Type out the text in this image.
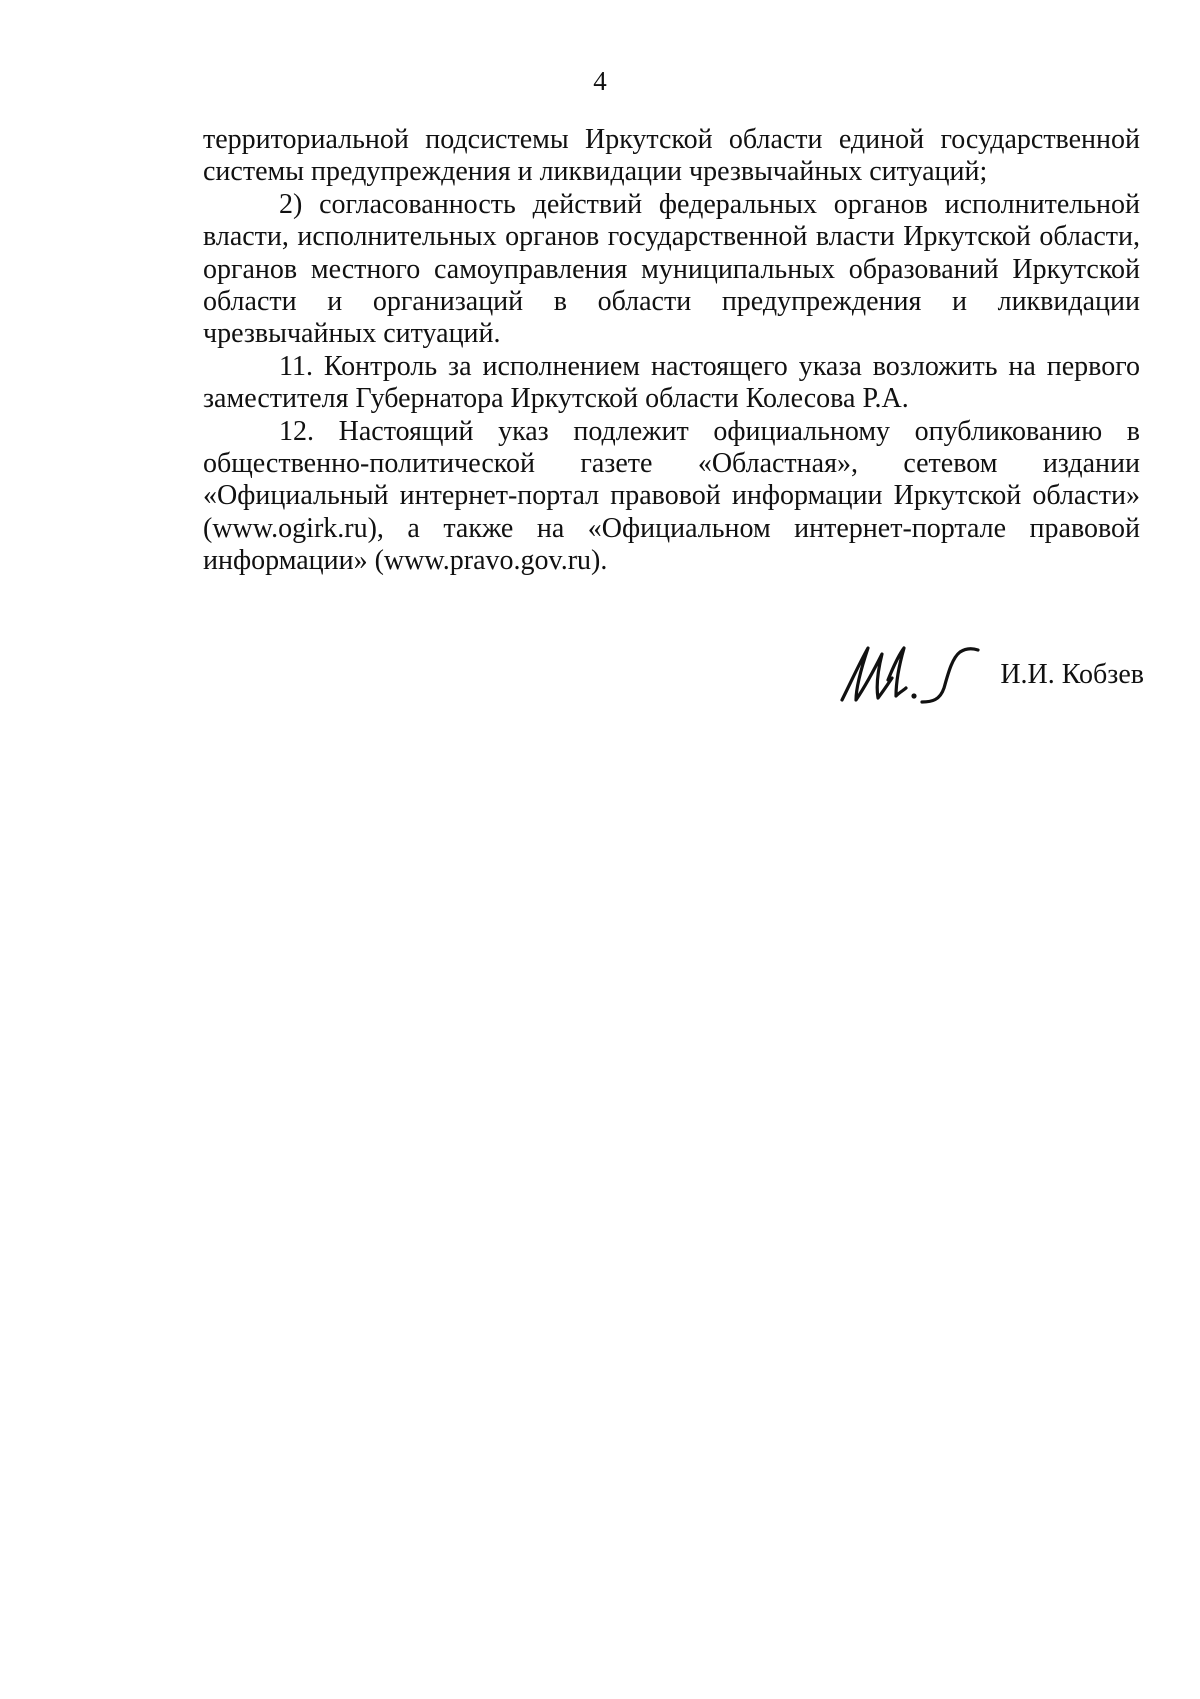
4

территориальной подсистемы Иркутской области единой государственной системы предупреждения и ликвидации чрезвычайных ситуаций;

2) согласованность действий федеральных органов исполнительной власти, исполнительных органов государственной власти Иркутской области, органов местного самоуправления муниципальных образований Иркутской области и организаций в области предупреждения и ликвидации чрезвычайных ситуаций.

11. Контроль за исполнением настоящего указа возложить на первого заместителя Губернатора Иркутской области Колесова Р.А.

12. Настоящий указ подлежит официальному опубликованию в общественно-политической газете «Областная», сетевом издании «Официальный интернет-портал правовой информации Иркутской области» (www.ogirk.ru), а также на «Официальном интернет-портале правовой информации» (www.pravo.gov.ru).

И.И. Кобзев
